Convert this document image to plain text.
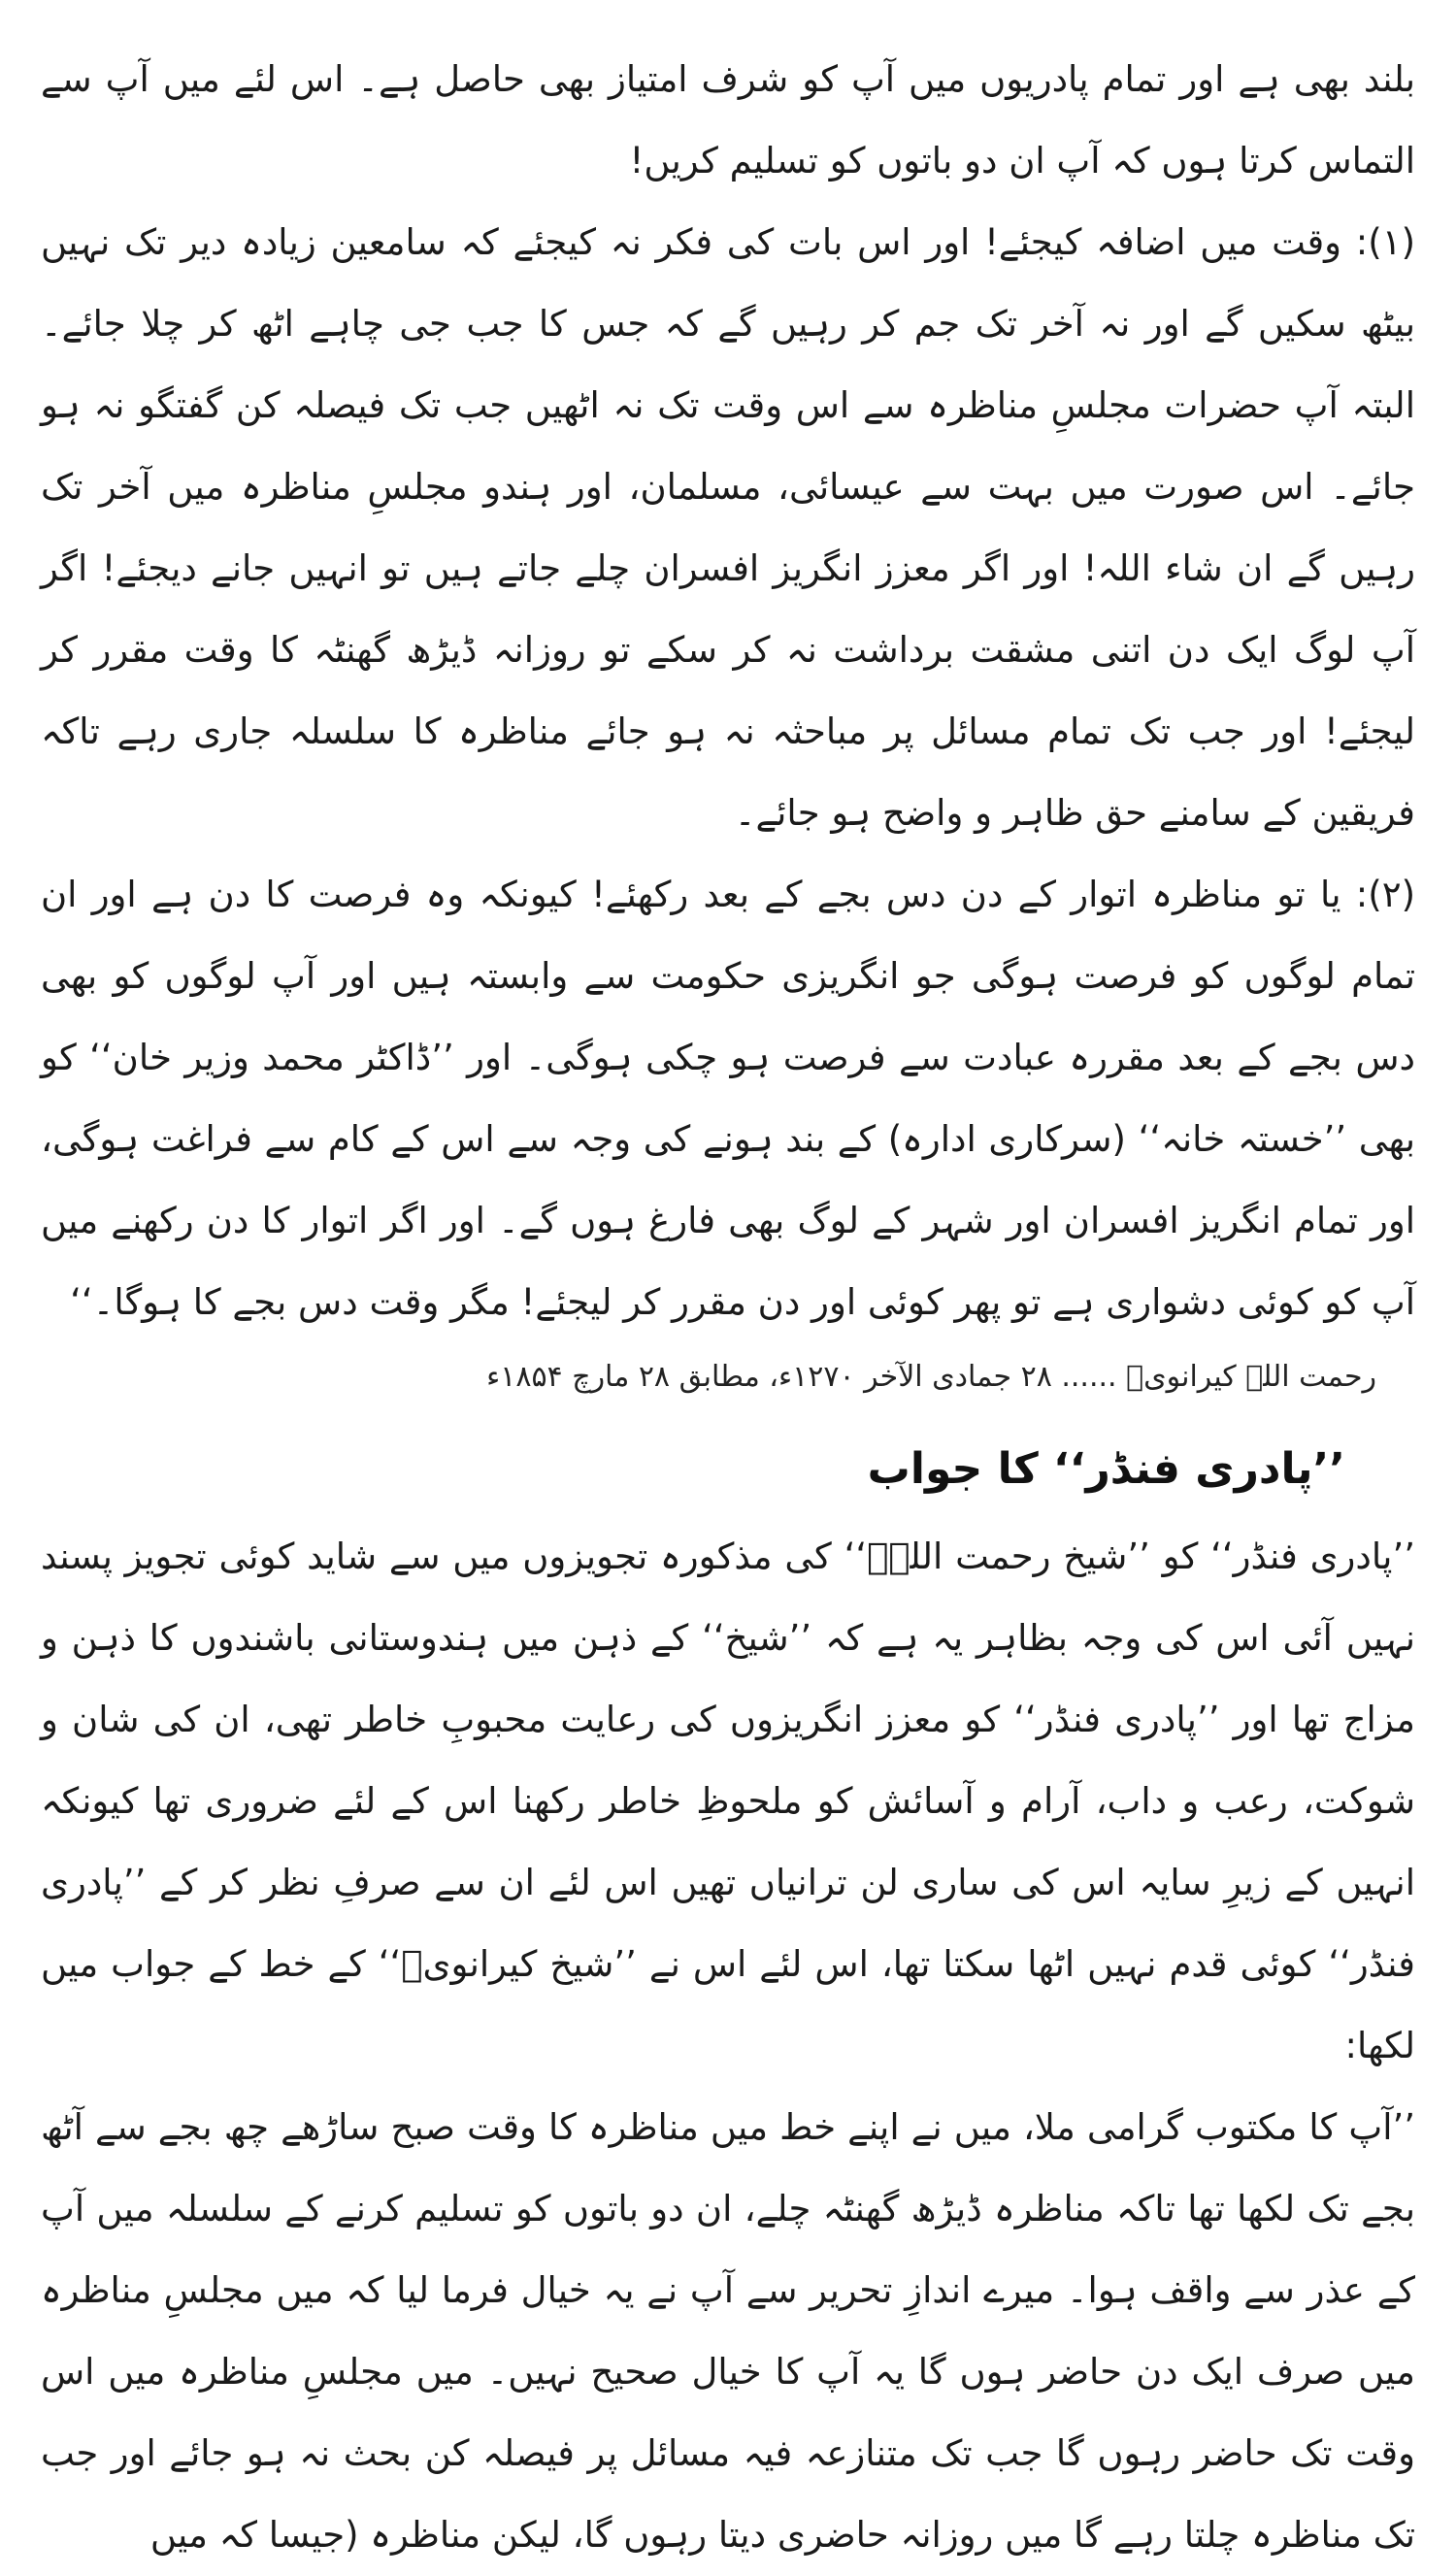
بلند بھی ہے اور تمام پادریوں میں آپ کو شرف امتیاز بھی حاصل ہے۔ اس لئے میں آپ سے التماس کرتا ہوں کہ آپ ان دو باتوں کو تسلیم کریں!

(۱): وقت میں اضافہ کیجئے! اور اس بات کی فکر نہ کیجئے کہ سامعین زیادہ دیر تک نہیں بیٹھ سکیں گے اور نہ آخر تک جم کر رہیں گے کہ جس کا جب جی چاہے اٹھ کر چلا جائے۔ البتہ آپ حضرات مجلسِ مناظرہ سے اس وقت تک نہ اٹھیں جب تک فیصلہ کن گفتگو نہ ہو جائے۔ اس صورت میں بہت سے عیسائی، مسلمان، اور ہندو مجلسِ مناظرہ میں آخر تک رہیں گے ان شاء اللہ! اور اگر معزز انگریز افسران چلے جاتے ہیں تو انہیں جانے دیجئے! اگر آپ لوگ ایک دن اتنی مشقت برداشت نہ کر سکے تو روزانہ ڈیڑھ گھنٹہ کا وقت مقرر کر لیجئے! اور جب تک تمام مسائل پر مباحثہ نہ ہو جائے مناظرہ کا سلسلہ جاری رہے تاکہ فریقین کے سامنے حق ظاہر و واضح ہو جائے۔

(۲): یا تو مناظرہ اتوار کے دن دس بجے کے بعد رکھئے! کیونکہ وہ فرصت کا دن ہے اور ان تمام لوگوں کو فرصت ہوگی جو انگریزی حکومت سے وابستہ ہیں اور آپ لوگوں کو بھی دس بجے کے بعد مقررہ عبادت سے فرصت ہو چکی ہوگی۔ اور ’’ڈاکٹر محمد وزیر خان‘‘ کو بھی ’’خستہ خانہ‘‘ (سرکاری ادارہ) کے بند ہونے کی وجہ سے اس کے کام سے فراغت ہوگی، اور تمام انگریز افسران اور شہر کے لوگ بھی فارغ ہوں گے۔ اور اگر اتوار کا دن رکھنے میں آپ کو کوئی دشواری ہے تو پھر کوئی اور دن مقرر کر لیجئے! مگر وقت دس بجے کا ہوگا۔‘‘

رحمت اللہ کیرانویؒ ...... ۲۸ جمادی الآخر ۱۲۷۰ء، مطابق ۲۸ مارچ ۱۸۵۴ء

’’پادری فنڈر‘‘ کا جواب

’’پادری فنڈر‘‘ کو ’’شیخ رحمت اللہؒ‘‘ کی مذکورہ تجویزوں میں سے شاید کوئی تجویز پسند نہیں آئی اس کی وجہ بظاہر یہ ہے کہ ’’شیخ‘‘ کے ذہن میں ہندوستانی باشندوں کا ذہن و مزاج تھا اور ’’پادری فنڈر‘‘ کو معزز انگریزوں کی رعایت محبوبِ خاطر تھی، ان کی شان و شوکت، رعب و داب، آرام و آسائش کو ملحوظِ خاطر رکھنا اس کے لئے ضروری تھا کیونکہ انہیں کے زیرِ سایہ اس کی ساری لن ترانیاں تھیں اس لئے ان سے صرفِ نظر کر کے ’’پادری فنڈر‘‘ کوئی قدم نہیں اٹھا سکتا تھا، اس لئے اس نے ’’شیخ کیرانویؒ‘‘ کے خط کے جواب میں لکھا:

’’آپ کا مکتوب گرامی ملا، میں نے اپنے خط میں مناظرہ کا وقت صبح ساڑھے چھ بجے سے آٹھ بجے تک لکھا تھا تاکہ مناظرہ ڈیڑھ گھنٹہ چلے، ان دو باتوں کو تسلیم کرنے کے سلسلہ میں آپ کے عذر سے واقف ہوا۔ میرے اندازِ تحریر سے آپ نے یہ خیال فرما لیا کہ میں مجلسِ مناظرہ میں صرف ایک دن حاضر ہوں گا یہ آپ کا خیال صحیح نہیں۔ میں مجلسِ مناظرہ میں اس وقت تک حاضر رہوں گا جب تک متنازعہ فیہ مسائل پر فیصلہ کن بحث نہ ہو جائے اور جب تک مناظرہ چلتا رہے گا میں روزانہ حاضری دیتا رہوں گا، لیکن مناظرہ (جیسا کہ میں
